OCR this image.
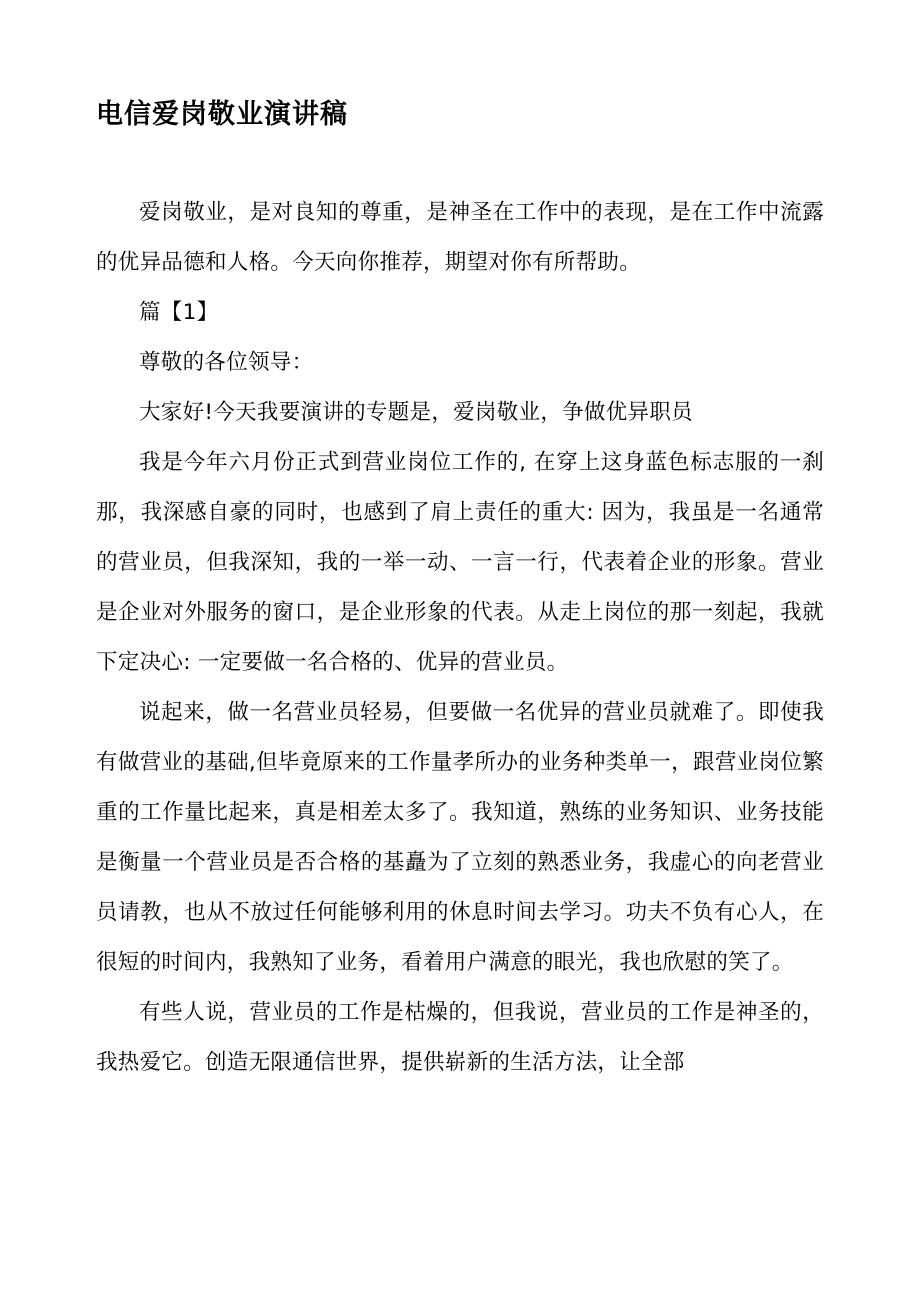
电信爱岗敬业演讲稿

爱岗敬业，是对良知的尊重，是神圣在工作中的表现，是在工作中流露的优异品德和人格。今天向你推荐，期望对你有所帮助。

篇【1】

尊敬的各位领导：

大家好!今天我要演讲的专题是，爱岗敬业，争做优异职员

我是今年六月份正式到营业岗位工作的, 在穿上这身蓝色标志服的一刹那，我深感自豪的同时，也感到了肩上责任的重大: 因为，我虽是一名通常的营业员，但我深知，我的一举一动、一言一行，代表着企业的形象。营业是企业对外服务的窗口，是企业形象的代表。从走上岗位的那一刻起，我就下定决心: 一定要做一名合格的、优异的营业员。

说起来，做一名营业员轻易，但要做一名优异的营业员就难了。即使我有做营业的基础,但毕竟原来的工作量孝所办的业务种类单一，跟营业岗位繁重的工作量比起来，真是相差太多了。我知道，熟练的业务知识、业务技能是衡量一个营业员是否合格的基矗为了立刻的熟悉业务，我虚心的向老营业员请教，也从不放过任何能够利用的休息时间去学习。功夫不负有心人，在很短的时间内，我熟知了业务，看着用户满意的眼光，我也欣慰的笑了。

有些人说，营业员的工作是枯燥的，但我说，营业员的工作是神圣的，我热爱它。创造无限通信世界，提供崭新的生活方法，让全部
